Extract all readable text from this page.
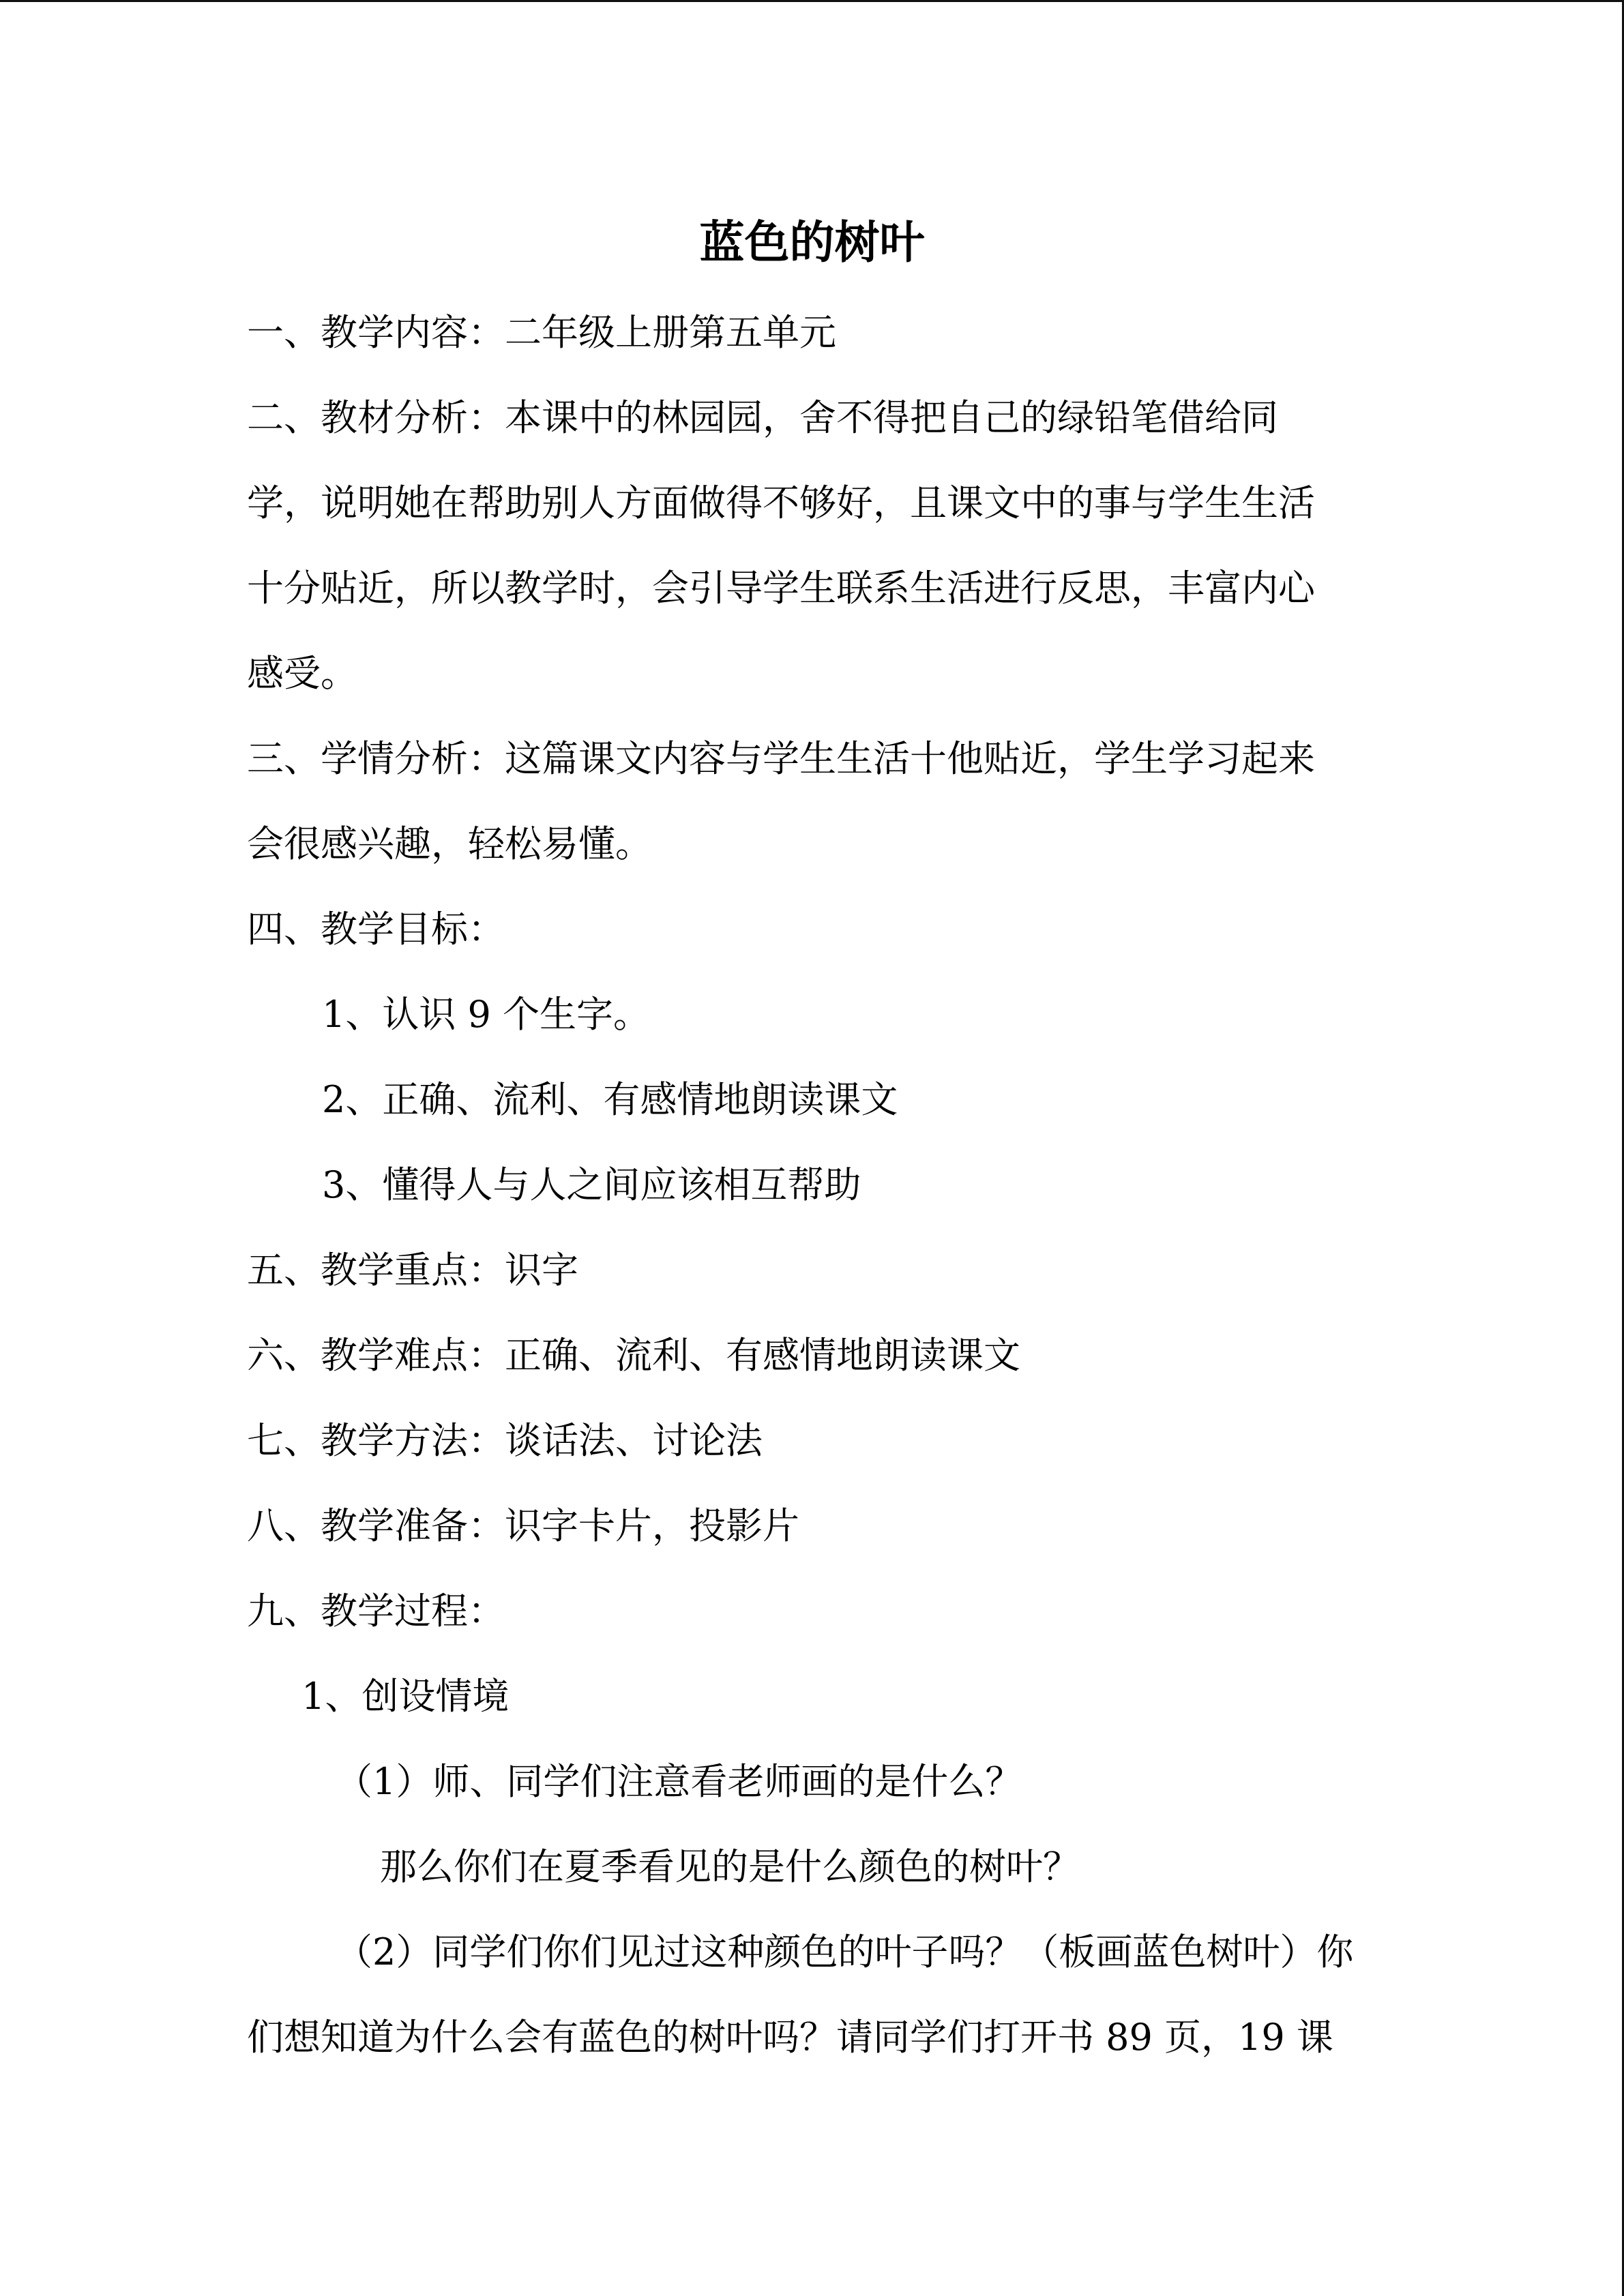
蓝色的树叶

一、教学内容：二年级上册第五单元

二、教材分析：本课中的林园园，舍不得把自己的绿铅笔借给同

学，说明她在帮助别人方面做得不够好，且课文中的事与学生生活

十分贴近，所以教学时，会引导学生联系生活进行反思，丰富内心

感受。

三、学情分析：这篇课文内容与学生生活十他贴近，学生学习起来

会很感兴趣，轻松易懂。

四、教学目标：

1、认识 9 个生字。

2、正确、流利、有感情地朗读课文

3、懂得人与人之间应该相互帮助

五、教学重点：识字

六、教学难点：正确、流利、有感情地朗读课文

七、教学方法：谈话法、讨论法

八、教学准备：识字卡片，投影片

九、教学过程：

1、创设情境

（1）师、同学们注意看老师画的是什么？

那么你们在夏季看见的是什么颜色的树叶？

（2）同学们你们见过这种颜色的叶子吗？（板画蓝色树叶）你

们想知道为什么会有蓝色的树叶吗？请同学们打开书 89 页，19 课
